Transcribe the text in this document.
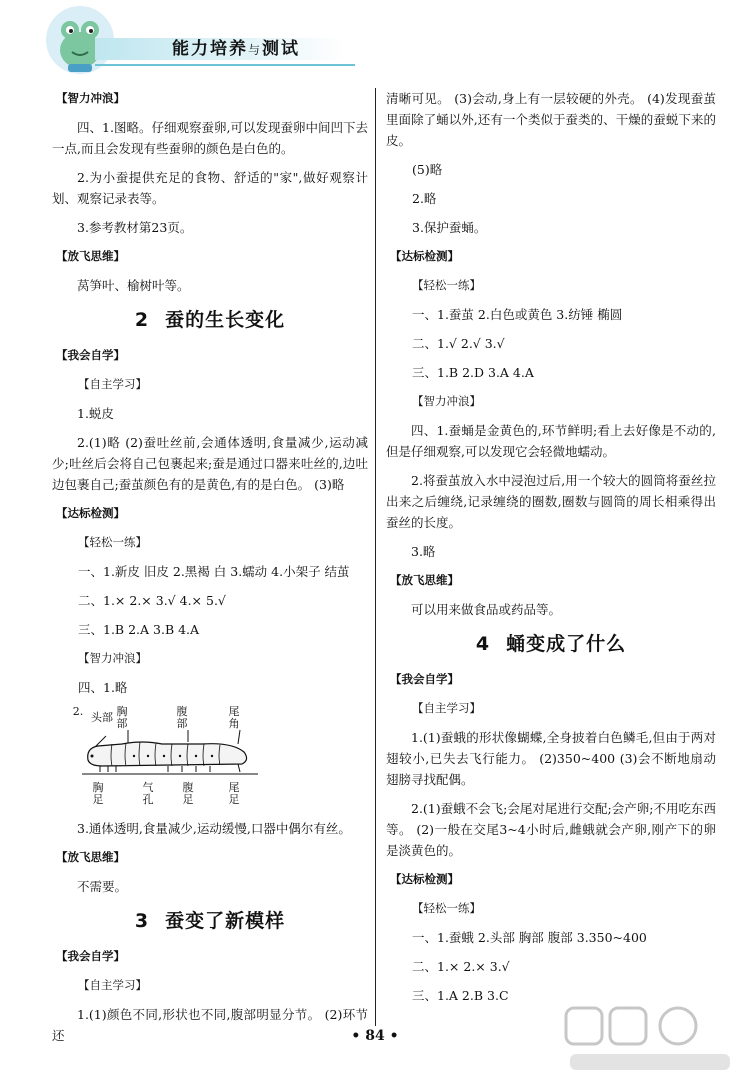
能力培养与测试
【智力冲浪】

四、1.图略。仔细观察蚕卵,可以发现蚕卵中间凹下去一点,而且会发现有些蚕卵的颜色是白色的。

2.为小蚕提供充足的食物、舒适的"家",做好观察计划、观察记录表等。

3.参考教材第23页。

【放飞思维】

莴笋叶、榆树叶等。

2 蚕的生长变化
【我会自学】
【自主学习】

1.蜕皮

2.(1)略 (2)蚕吐丝前,会通体透明,食量减少,运动减少;吐丝后会将自己包裹起来;蚕是通过口器来吐丝的,边吐边包裹自己;蚕茧颜色有的是黄色,有的是白色。 (3)略

【达标检测】
【轻松一练】

一、1.新皮 旧皮 2.黑褐 白 3.蠕动 4.小架子 结茧

二、1.× 2.× 3.√ 4.× 5.√

三、1.B 2.A 3.B 4.A

【智力冲浪】

四、1.略

2. 头部 胸部
腹部
尾角
胸足
气孔
腹足
尾足

3.通体透明,食量减少,运动缓慢,口器中偶尔有丝。

【放飞思维】

不需要。

3 蚕变了新模样
【我会自学】
【自主学习】

1.(1)颜色不同,形状也不同,腹部明显分节。 (2)环节还

清晰可见。 (3)会动,身上有一层较硬的外壳。 (4)发现蚕茧里面除了蛹以外,还有一个类似于蚕类的、干燥的蚕蜕下来的皮。

(5)略

2.略

3.保护蚕蛹。

【达标检测】
【轻松一练】

一、1.蚕茧 2.白色或黄色 3.纺锤 椭圆

二、1.√ 2.√ 3.√

三、1.B 2.D 3.A 4.A

【智力冲浪】

四、1.蚕蛹是金黄色的,环节鲜明;看上去好像是不动的,但是仔细观察,可以发现它会轻微地蠕动。

2.将蚕茧放入水中浸泡过后,用一个较大的圆筒将蚕丝拉出来之后缠绕,记录缠绕的圈数,圈数与圆筒的周长相乘得出蚕丝的长度。

3.略

【放飞思维】

可以用来做食品或药品等。

4 蛹变成了什么
【我会自学】
【自主学习】

1.(1)蚕蛾的形状像蝴蝶,全身披着白色鳞毛,但由于两对翅较小,已失去飞行能力。 (2)350~400 (3)会不断地扇动翅膀寻找配偶。

2.(1)蚕蛾不会飞;会尾对尾进行交配;会产卵;不用吃东西等。 (2)一般在交尾3~4小时后,雌蛾就会产卵,刚产下的卵是淡黄色的。

【达标检测】
【轻松一练】

一、1.蚕蛾 2.头部 胸部 腹部 3.350~400

二、1.× 2.× 3.√

三、1.A 2.B 3.C

• 84 •
